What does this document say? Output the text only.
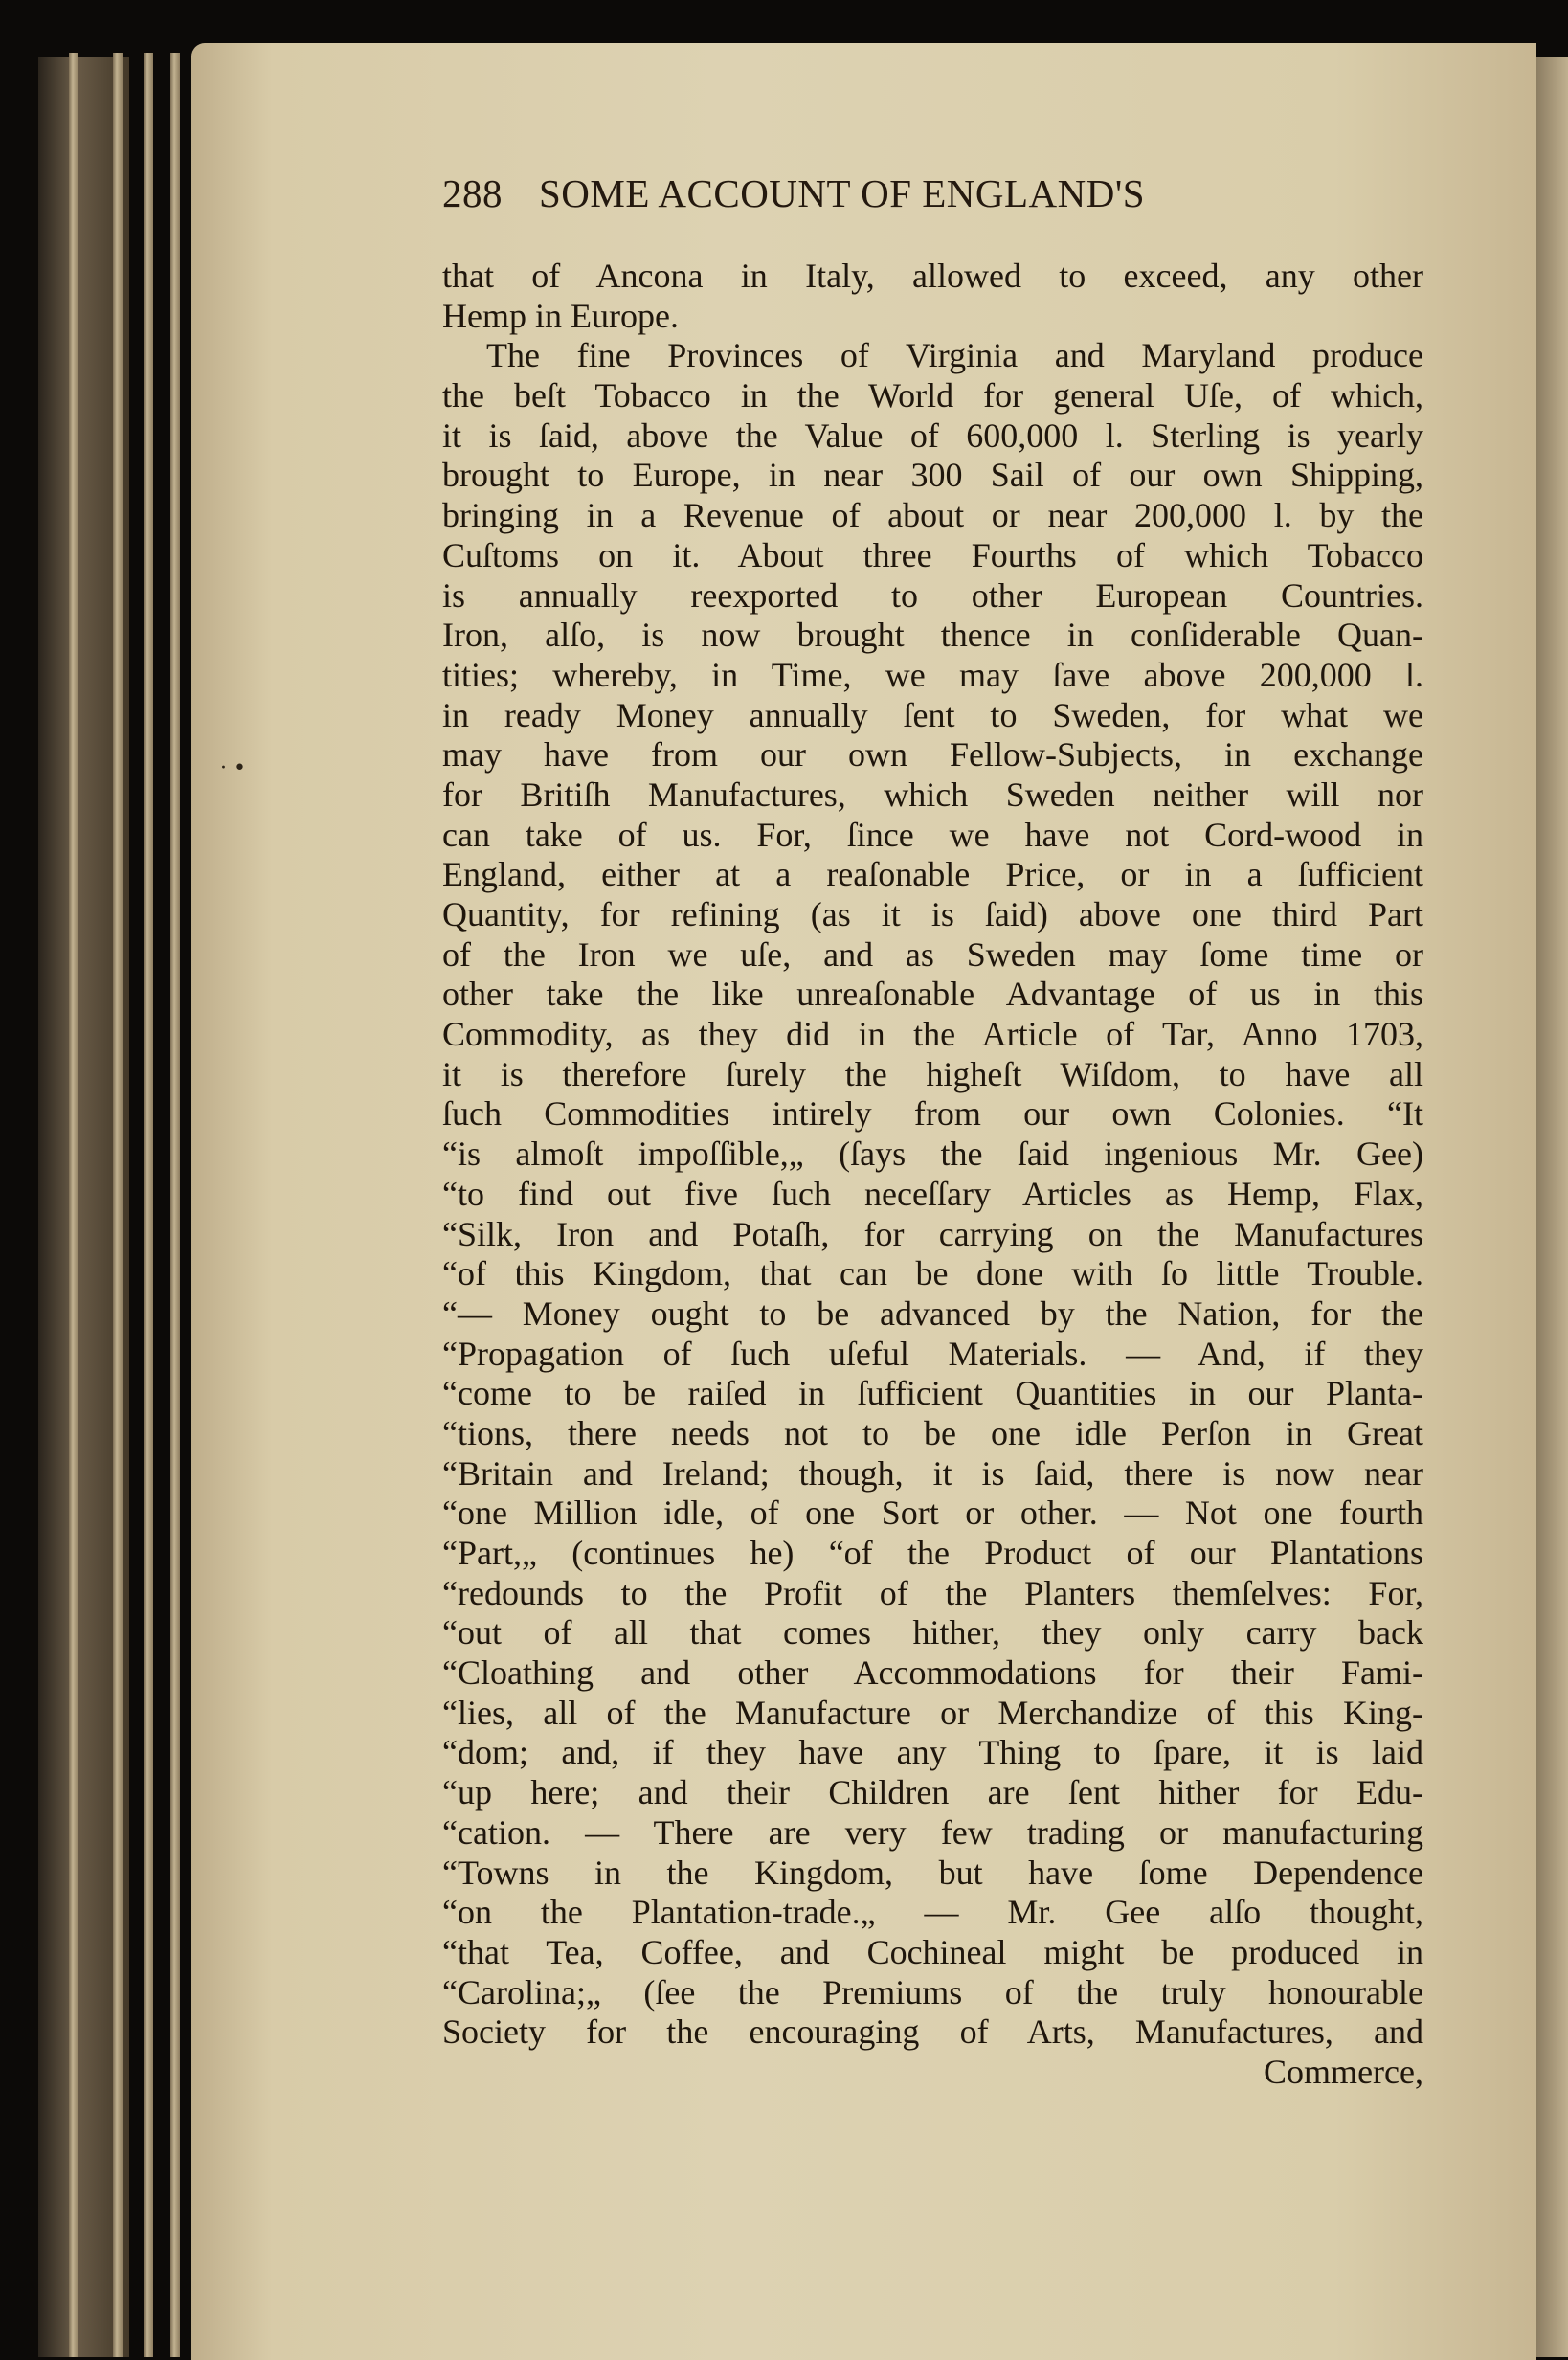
· •
288 SOME ACCOUNT OF ENGLAND'S
that of Ancona in Italy, allowed to exceed, any other
Hemp in Europe.
The fine Provinces of Virginia and Maryland produce
the beſt Tobacco in the World for general Uſe, of which,
it is ſaid, above the Value of 600,000 l. Sterling is yearly
brought to Europe, in near 300 Sail of our own Shipping,
bringing in a Revenue of about or near 200,000 l. by the
Cuſtoms on it. About three Fourths of which Tobacco
is annually reexported to other European Countries.
Iron, alſo, is now brought thence in conſiderable Quan-
tities; whereby, in Time, we may ſave above 200,000 l.
in ready Money annually ſent to Sweden, for what we
may have from our own Fellow-Subjects, in exchange
for Britiſh Manufactures, which Sweden neither will nor
can take of us. For, ſince we have not Cord-wood in
England, either at a reaſonable Price, or in a ſufficient
Quantity, for refining (as it is ſaid) above one third Part
of the Iron we uſe, and as Sweden may ſome time or
other take the like unreaſonable Advantage of us in this
Commodity, as they did in the Article of Tar, Anno 1703,
it is therefore ſurely the higheſt Wiſdom, to have all
ſuch Commodities intirely from our own Colonies. “It
“is almoſt impoſſible,„ (ſays the ſaid ingenious Mr. Gee)
“to find out five ſuch neceſſary Articles as Hemp, Flax,
“Silk, Iron and Potaſh, for carrying on the Manufactures
“of this Kingdom, that can be done with ſo little Trouble.
“— Money ought to be advanced by the Nation, for the
“Propagation of ſuch uſeful Materials. — And, if they
“come to be raiſed in ſufficient Quantities in our Planta-
“tions, there needs not to be one idle Perſon in Great
“Britain and Ireland; though, it is ſaid, there is now near
“one Million idle, of one Sort or other. — Not one fourth
“Part,„ (continues he) “of the Product of our Plantations
“redounds to the Profit of the Planters themſelves: For,
“out of all that comes hither, they only carry back
“Cloathing and other Accommodations for their Fami-
“lies, all of the Manufacture or Merchandize of this King-
“dom; and, if they have any Thing to ſpare, it is laid
“up here; and their Children are ſent hither for Edu-
“cation. — There are very few trading or manufacturing
“Towns in the Kingdom, but have ſome Dependence
“on the Plantation-trade.„ — Mr. Gee alſo thought,
“that Tea, Coffee, and Cochineal might be produced in
“Carolina;„ (ſee the Premiums of the truly honourable
Society for the encouraging of Arts, Manufactures, and
Commerce,
